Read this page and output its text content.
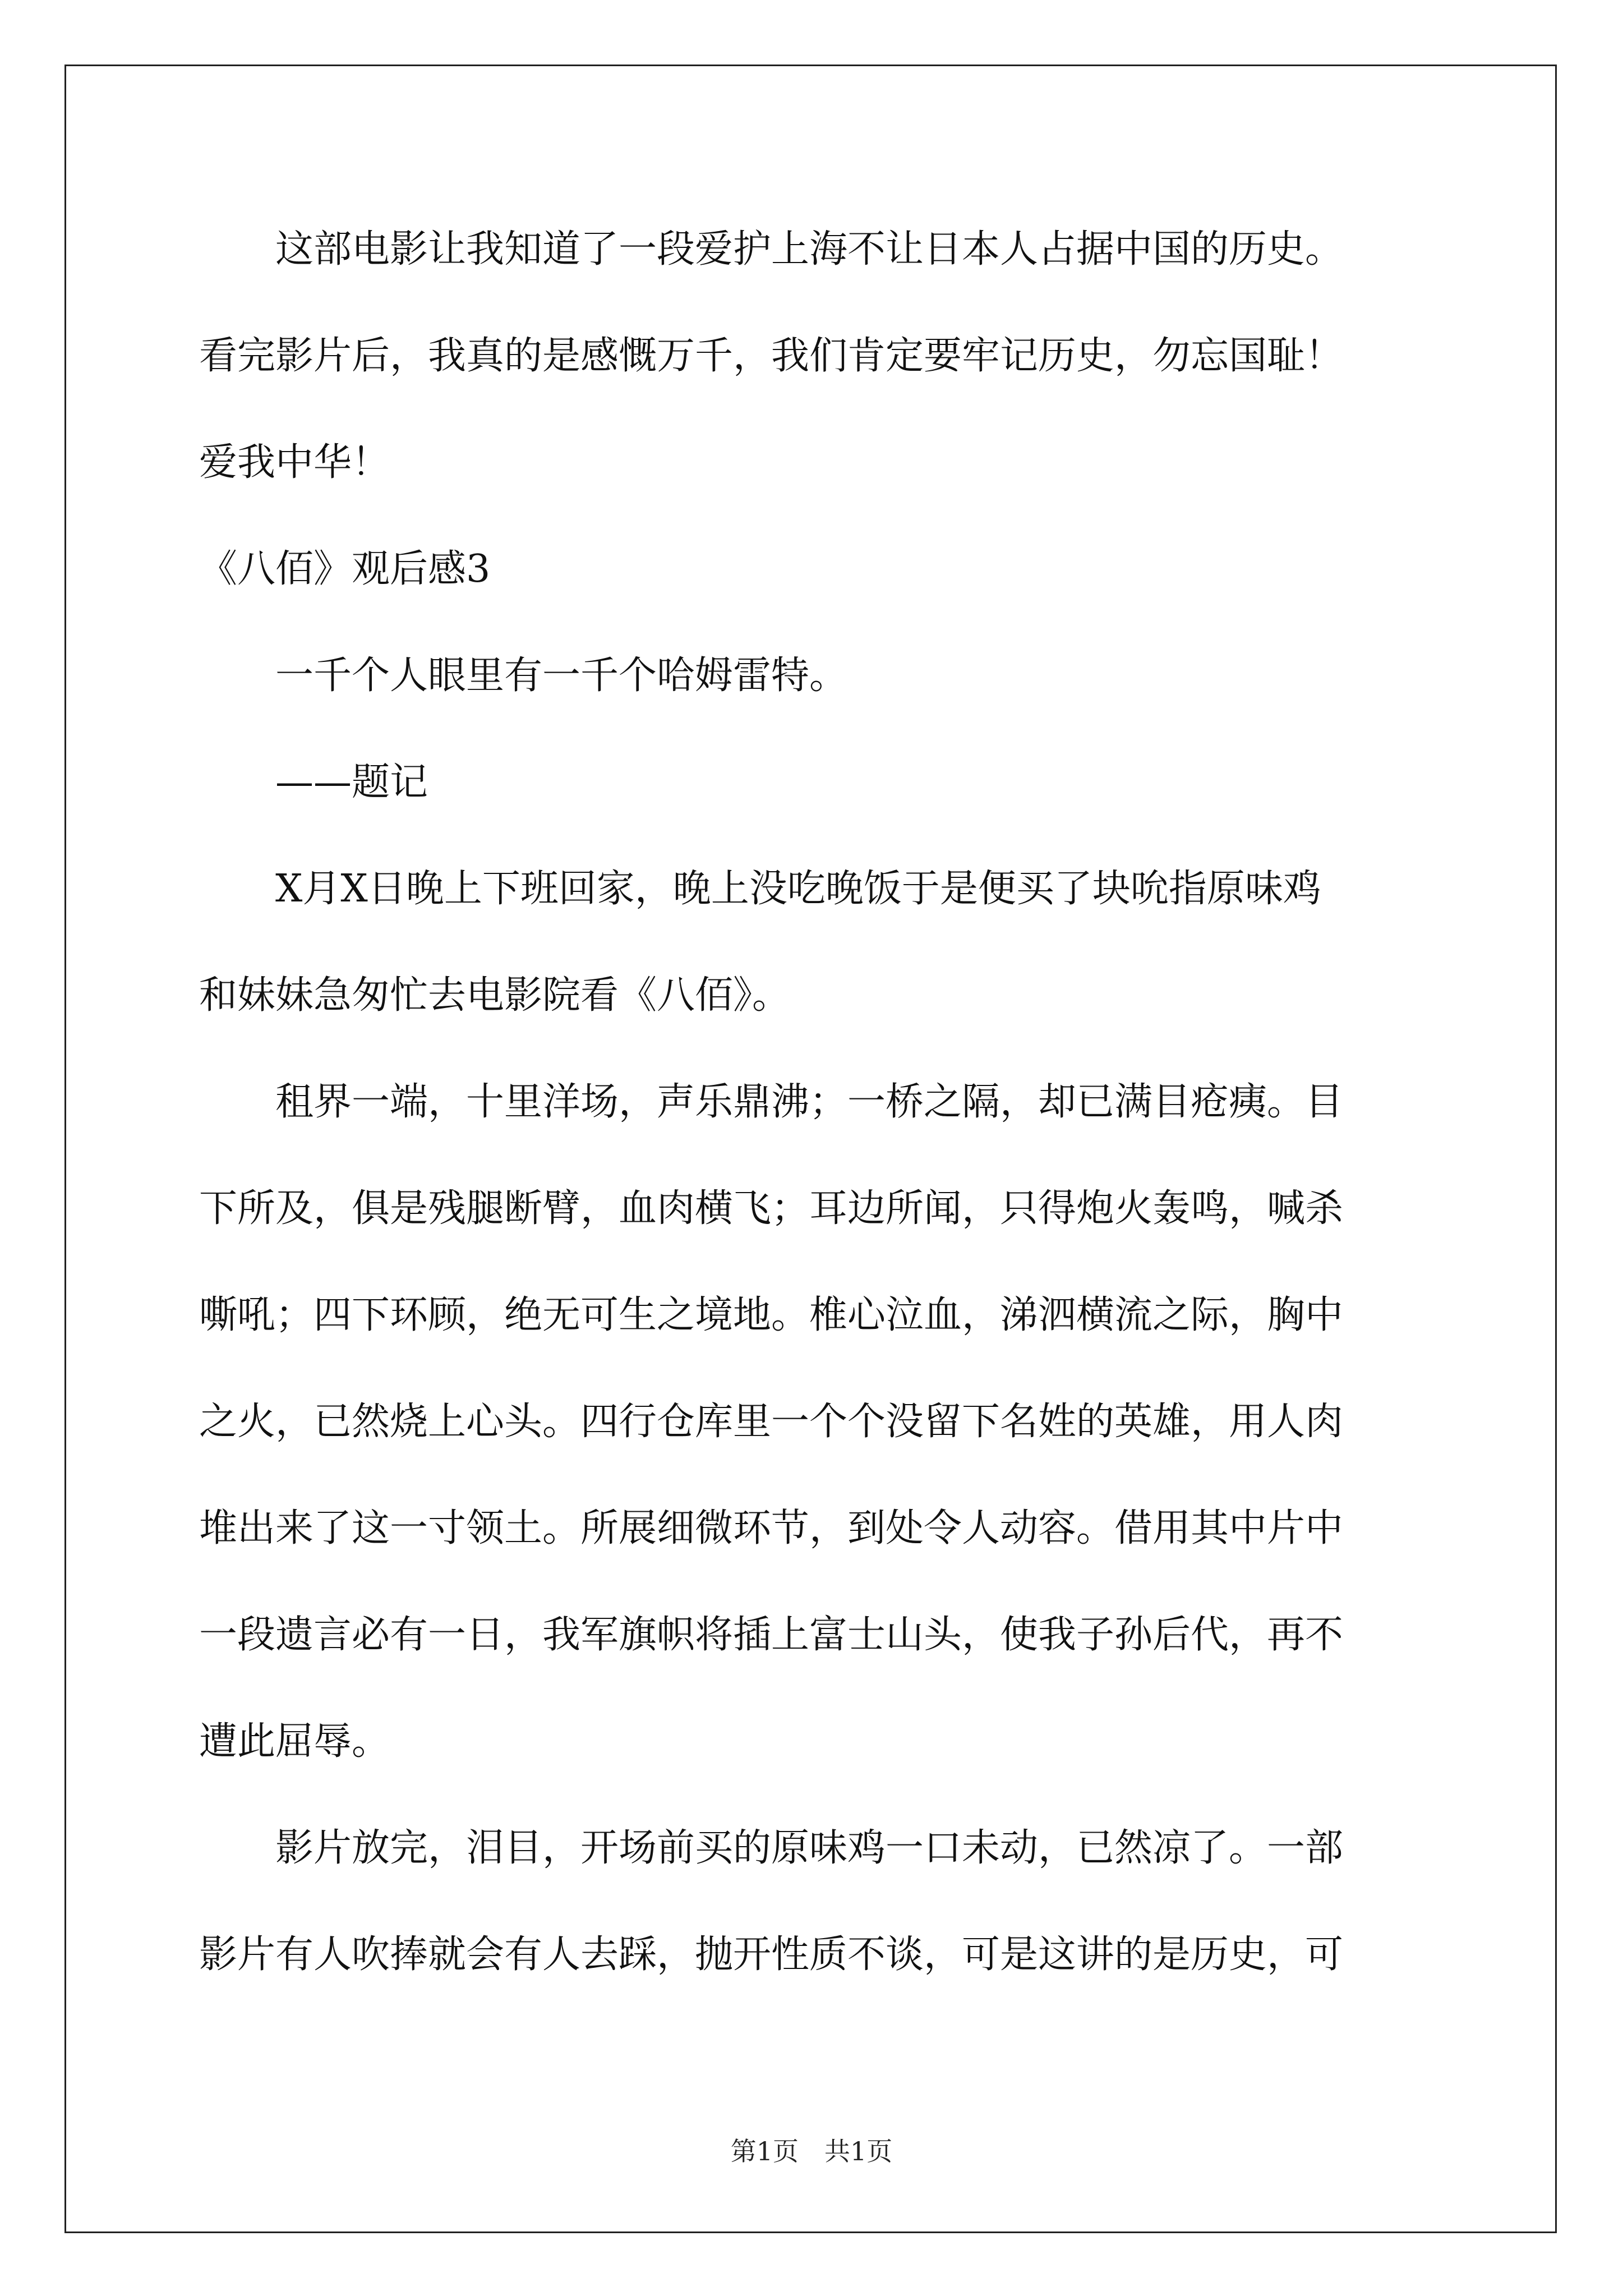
这部电影让我知道了一段爱护上海不让日本人占据中国的历史。
看完影片后，我真的是感慨万千，我们肯定要牢记历史，勿忘国耻！
爱我中华！
《八佰》观后感3
一千个人眼里有一千个哈姆雷特。
——题记
X月X日晚上下班回家，晚上没吃晚饭于是便买了块吮指原味鸡
和妹妹急匆忙去电影院看《八佰》。
租界一端，十里洋场，声乐鼎沸；一桥之隔，却已满目疮痍。目
下所及，俱是残腿断臂，血肉横飞；耳边所闻，只得炮火轰鸣，喊杀
嘶吼；四下环顾，绝无可生之境地。椎心泣血，涕泗横流之际，胸中
之火，已然烧上心头。四行仓库里一个个没留下名姓的英雄，用人肉
堆出来了这一寸领土。所展细微环节，到处令人动容。借用其中片中
一段遗言必有一日，我军旗帜将插上富士山头，使我子孙后代，再不
遭此屈辱。
影片放完，泪目，开场前买的原味鸡一口未动，已然凉了。一部
影片有人吹捧就会有人去踩，抛开性质不谈，可是这讲的是历史，可
第1页　共1页
